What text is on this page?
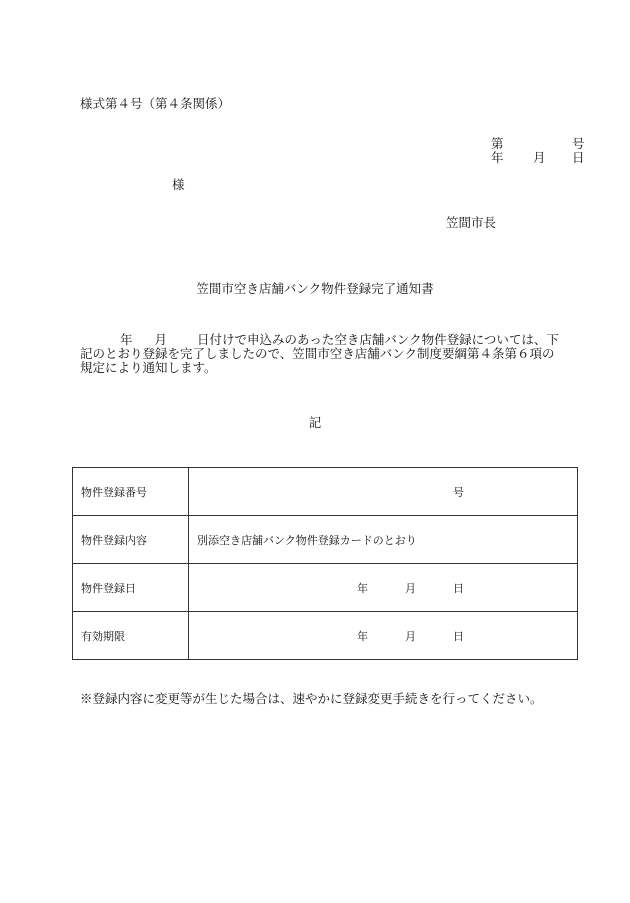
様式第４号（第４条関係）
第	号
年 月 日
様
笠間市長
笠間市空き店舗バンク物件登録完了通知書
年 月 日付けで申込みのあった空き店舗バンク物件登録については、下
記のとおり登録を完了しましたので、笠間市空き店舗バンク制度要綱第４条第６項の
規定により通知します。
記
物件登録番号	号

物件登録内容	別添空き店舗バンク物件登録カードのとおり
物件登録日	年 月 日

有効期限	年 月 日
※登録内容に変更等が生じた場合は、速やかに登録変更手続きを行ってください。
